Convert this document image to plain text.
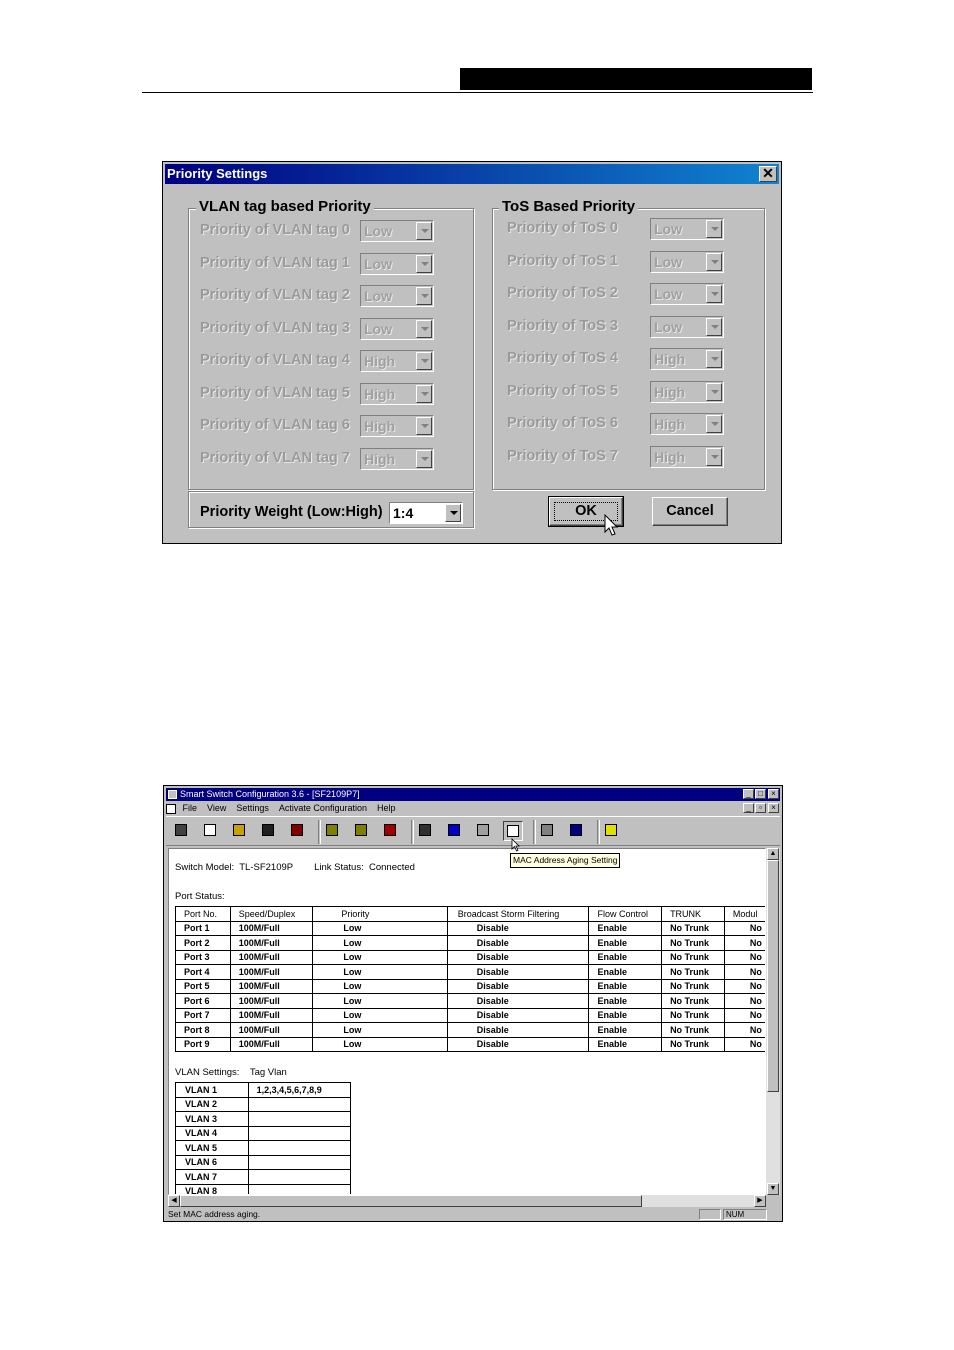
Priority Settings	✕
VLAN tag based Priority	ToS Based Priority
Priority Weight (Low:High) 1:4	OK	Cancel
Priority of VLAN tag 0 Low
Priority of VLAN tag 1 Low
Priority of VLAN tag 2 Low
Priority of VLAN tag 3 Low
Priority of VLAN tag 4 High
Priority of VLAN tag 5 High
Priority of VLAN tag 6 High
Priority of VLAN tag 7 High
Priority of ToS 0	Low
Priority of ToS 1	Low
Priority of ToS 2	Low
Priority of ToS 3	Low
Priority of ToS 4	High
Priority of ToS 5	High
Priority of ToS 6	High
Priority of ToS 7	High
Smart Switch Configuration 3.6 - [SF2109P7]	_ □	×
File View Settings Activate Configuration Help	_	▫	×
Switch Model: TL-SF2109P Link Status: Connected
Port Status:
Port No.	Speed/Duplex	Priority	Broadcast Storm Filtering	Flow Control	TRUNK	Modul
Port 1	100M/Full	Low	Disable	Enable	No Trunk	No
Port 2	100M/Full	Low	Disable	Enable	No Trunk	No
Port 3	100M/Full	Low	Disable	Enable	No Trunk	No
Port 4	100M/Full	Low	Disable	Enable	No Trunk	No
Port 5	100M/Full	Low	Disable	Enable	No Trunk	No
Port 6	100M/Full	Low	Disable	Enable	No Trunk	No
Port 7	100M/Full	Low	Disable	Enable	No Trunk	No
Port 8	100M/Full	Low	Disable	Enable	No Trunk	No
Port 9	100M/Full	Low	Disable	Enable	No Trunk	No
VLAN Settings: Tag Vlan
VLAN 1	1,2,3,4,5,6,7,8,9
VLAN 2	
VLAN 3	
VLAN 4	
VLAN 5	
VLAN 6	
VLAN 7	
VLAN 8	
▲
▼
◀	▶
Set MAC address aging.	NUM
MAC Address Aging Setting
